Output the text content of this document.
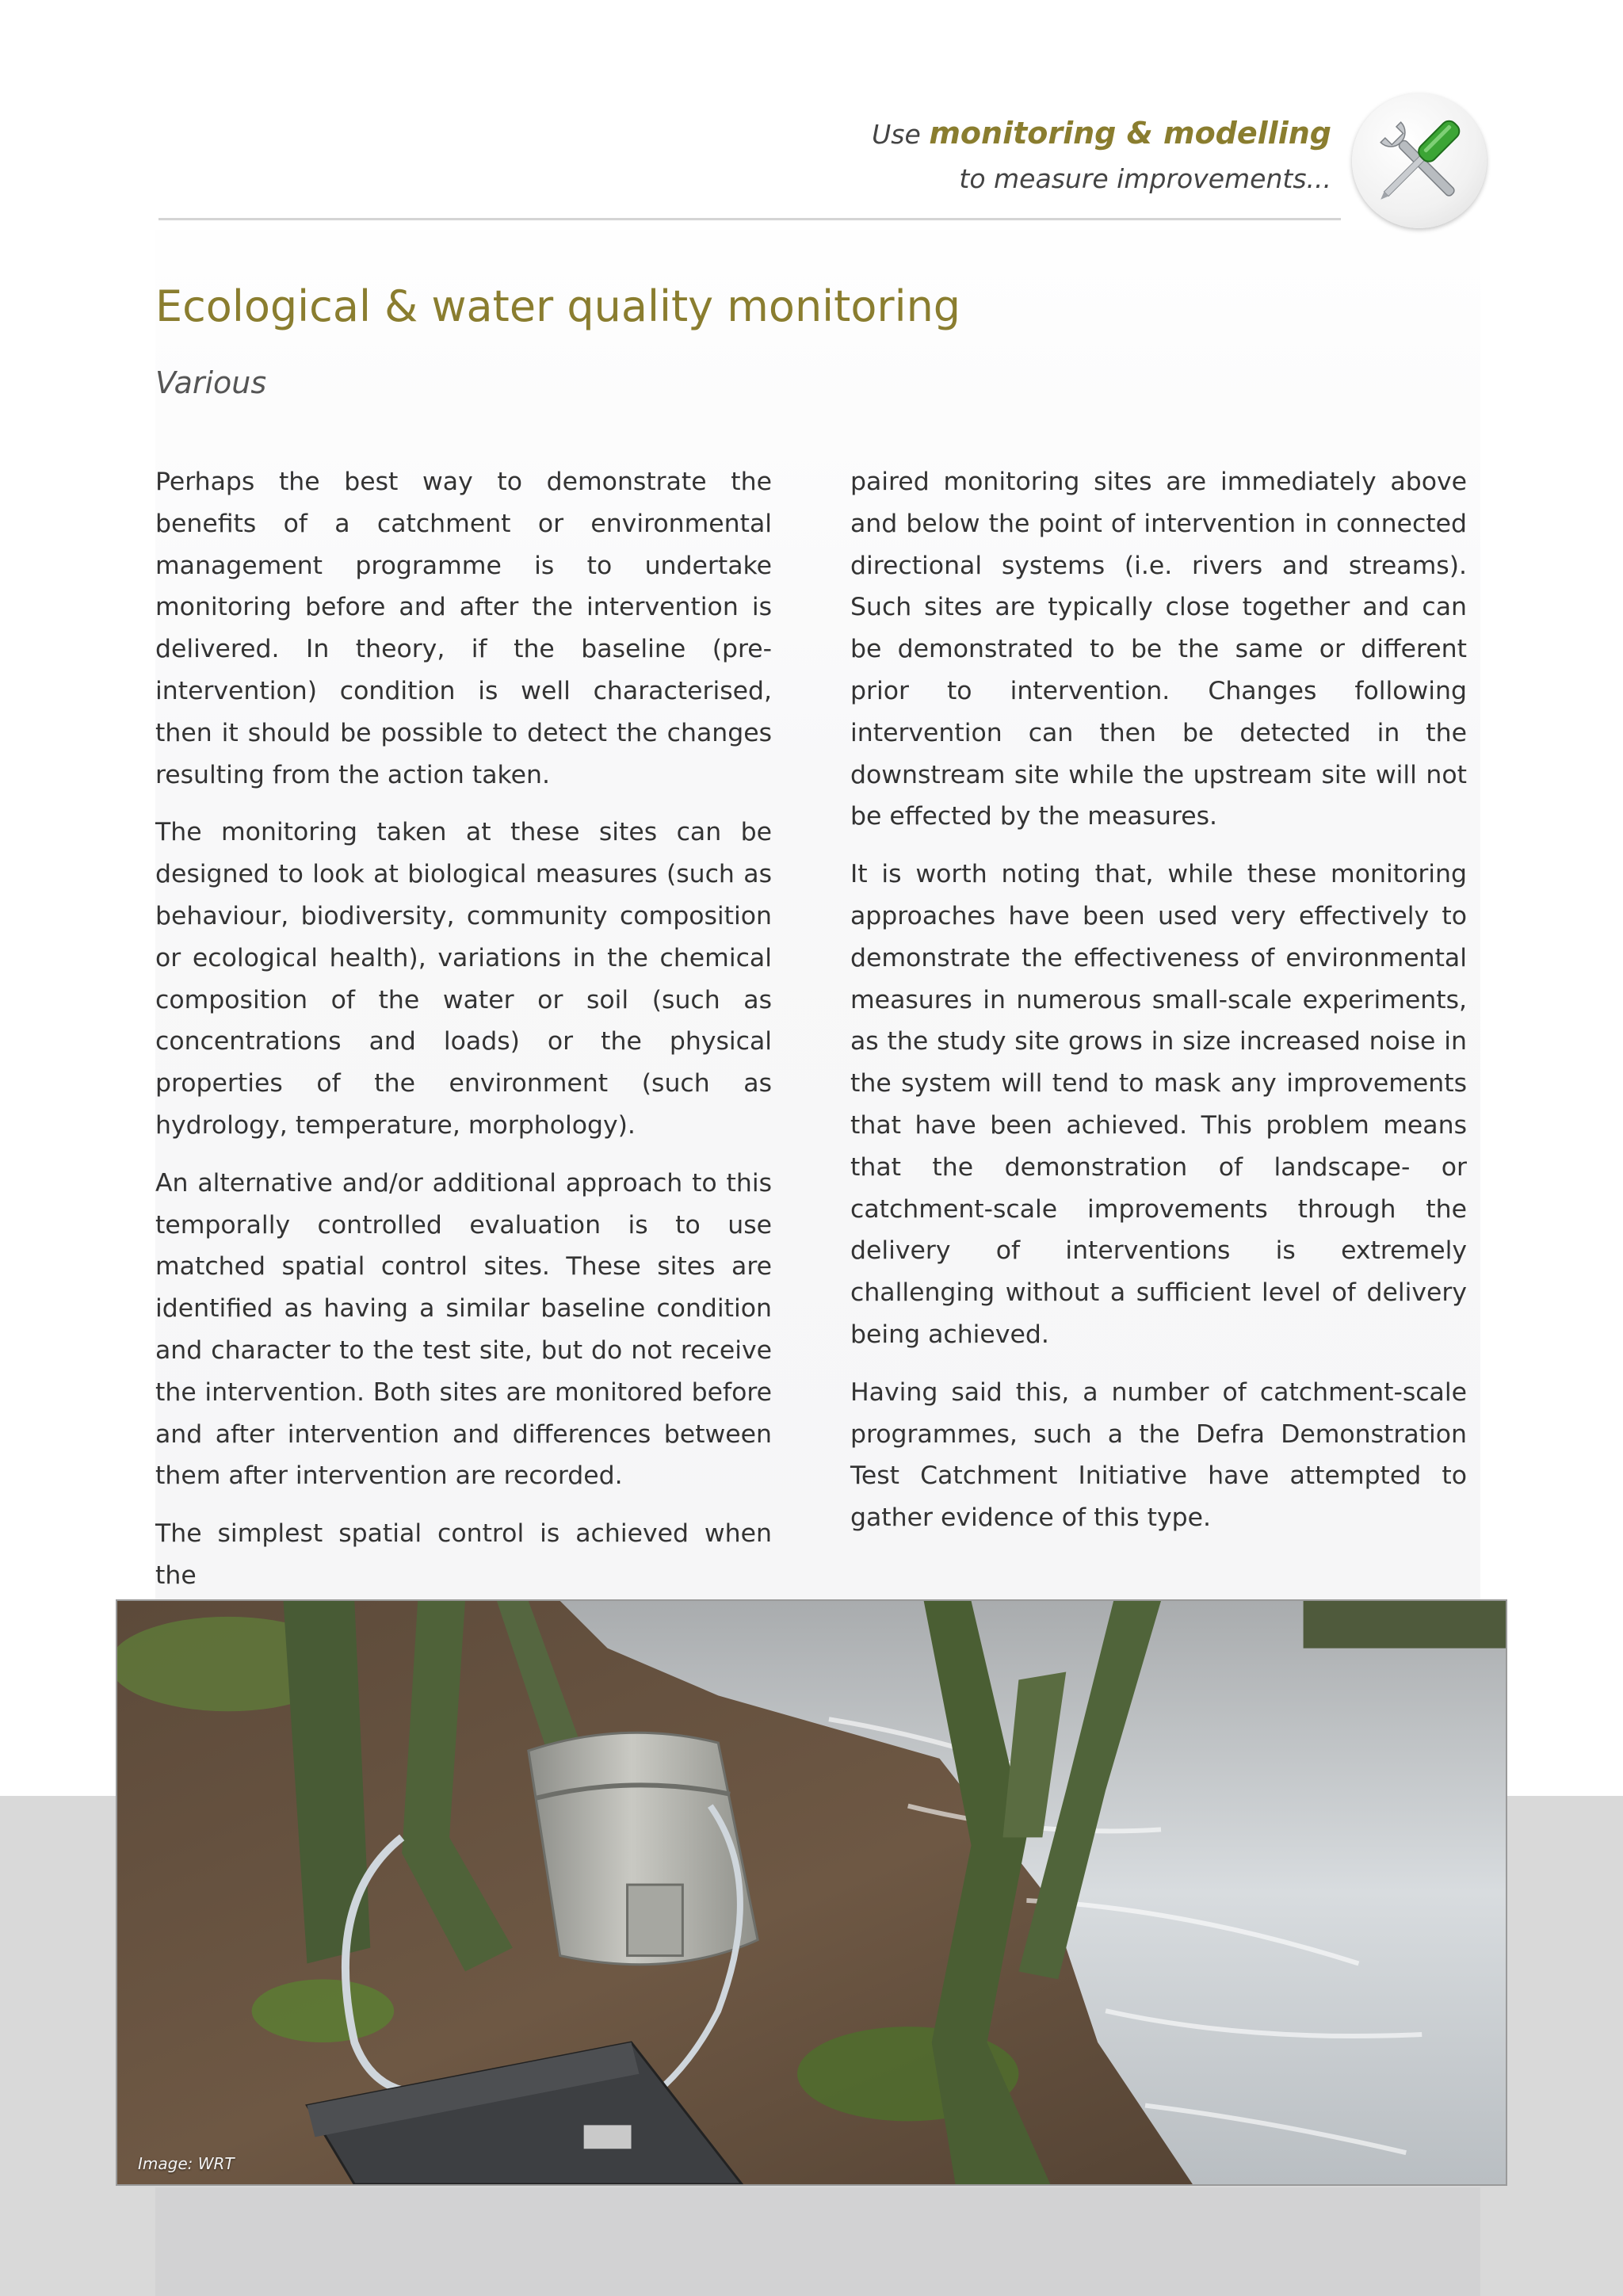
Use monitoring & modelling
to measure improvements...
Ecological & water quality monitoring
Various

Perhaps the best way to demonstrate the benefits of a catchment or environmental management programme is to undertake monitoring before and after the intervention is delivered. In theory, if the baseline (pre-intervention) condition is well characterised, then it should be possible to detect the changes resulting from the action taken.

The monitoring taken at these sites can be designed to look at biological measures (such as behaviour, biodiversity, community composition or ecological health), variations in the chemical composition of the water or soil (such as concentrations and loads) or the physical properties of the environment (such as hydrology, temperature, morphology).

An alternative and/or additional approach to this temporally controlled evaluation is to use matched spatial control sites. These sites are identified as having a similar baseline condition and character to the test site, but do not receive the intervention. Both sites are monitored before and after intervention and differences between them after intervention are recorded.

The simplest spatial control is achieved when the

paired monitoring sites are immediately above and below the point of intervention in connected directional systems (i.e. rivers and streams). Such sites are typically close together and can be demonstrated to be the same or different prior to intervention. Changes following intervention can then be detected in the downstream site while the upstream site will not be effected by the measures.

It is worth noting that, while these monitoring approaches have been used very effectively to demonstrate the effectiveness of environmental measures in numerous small-scale experiments, as the study site grows in size increased noise in the system will tend to mask any improvements that have been achieved. This problem means that the demonstration of landscape- or catchment-scale improvements through the delivery of interventions is extremely challenging without a sufficient level of delivery being achieved.

Having said this, a number of catchment-scale programmes, such a the Defra Demonstration Test Catchment Initiative have attempted to gather evidence of this type.

Image: WRT
